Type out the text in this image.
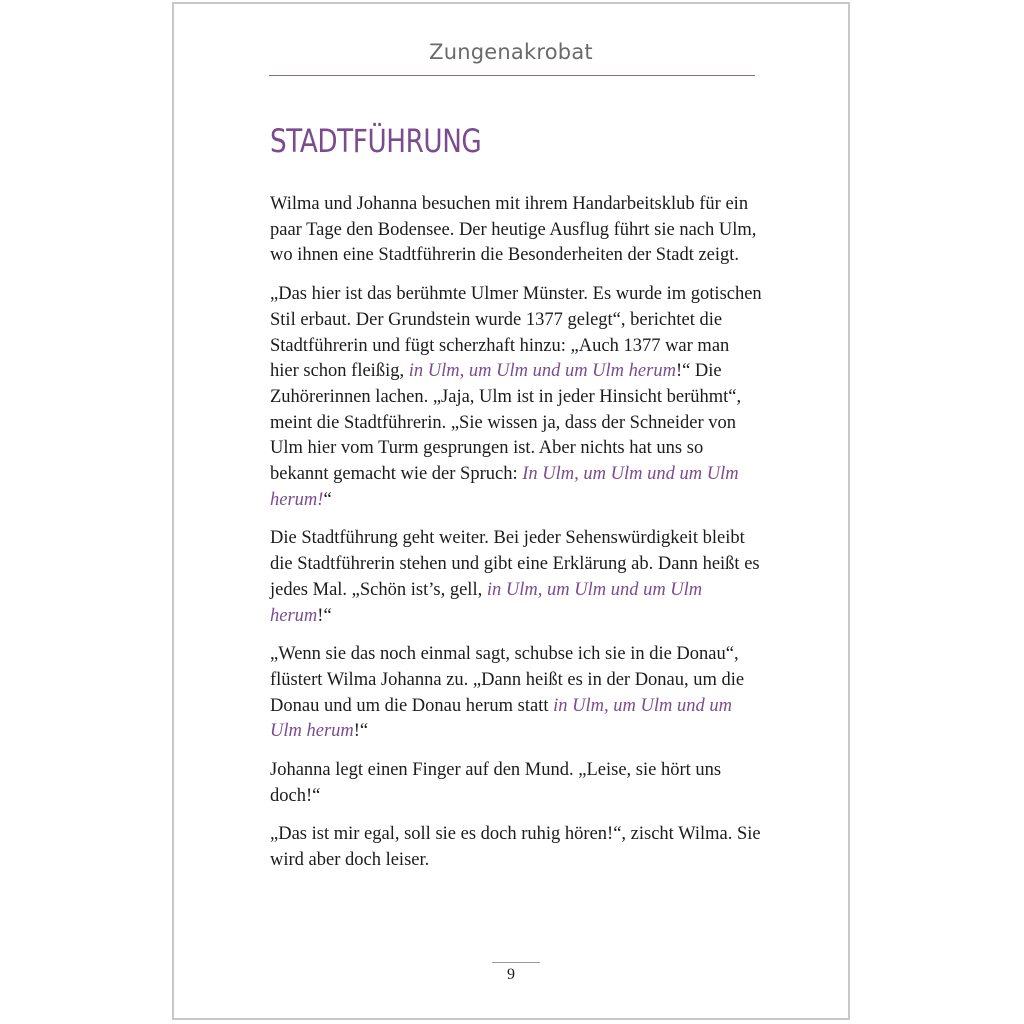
Zungenakrobat
STADTFÜHRUNG

Wilma und Johanna besuchen mit ihrem Handarbeitsklub für ein paar Tage den Bodensee. Der heutige Ausflug führt sie nach Ulm, wo ihnen eine Stadtführerin die Besonderheiten der Stadt zeigt.

„Das hier ist das berühmte Ulmer Münster. Es wurde im gotischen Stil erbaut. Der Grundstein wurde 1377 gelegt“, berichtet die Stadtführerin und fügt scherzhaft hinzu: „Auch 1377 war man hier schon fleißig, in Ulm, um Ulm und um Ulm herum!“ Die Zuhörerinnen lachen. „Jaja, Ulm ist in jeder Hinsicht berühmt“, meint die Stadtführerin. „Sie wissen ja, dass der Schneider von Ulm hier vom Turm gesprungen ist. Aber nichts hat uns so bekannt gemacht wie der Spruch: In Ulm, um Ulm und um Ulm herum!“

Die Stadtführung geht weiter. Bei jeder Sehenswürdigkeit bleibt die Stadtführerin stehen und gibt eine Erklärung ab. Dann heißt es jedes Mal. „Schön ist’s, gell, in Ulm, um Ulm und um Ulm herum!“

„Wenn sie das noch einmal sagt, schubse ich sie in die Donau“, flüstert Wilma Johanna zu. „Dann heißt es in der Donau, um die Donau und um die Donau herum statt in Ulm, um Ulm und um Ulm herum!“

Johanna legt einen Finger auf den Mund. „Leise, sie hört uns doch!“

„Das ist mir egal, soll sie es doch ruhig hören!“, zischt Wilma. Sie wird aber doch leiser.

9
